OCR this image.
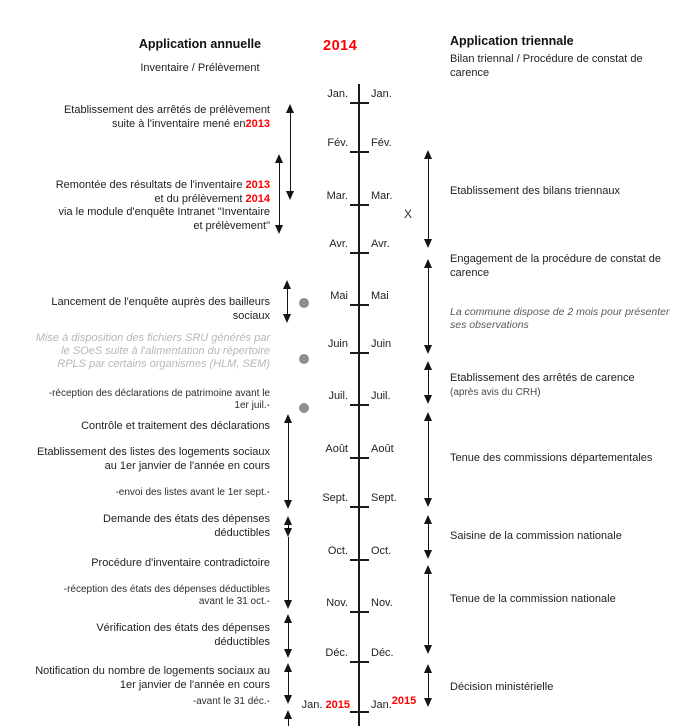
Application annuelle
Inventaire / Prélèvement
2014	Application triennale
Bilan triennal / Procédure de constat de carence
Jan. Jan.
Fév. Fév.
Mar. Mar.
Avr. Avr.
Mai Mai
Juin Juin
Juil. Juil.
Août Août
Sept. Sept.
Oct. Oct.
Nov. Nov.
Déc. Déc.
Jan. 2015 Jan.2015
X
Etablissement des arrêtés de prélèvement
suite à l'inventaire mené en2013
Remontée des résultats de l'inventaire 2013
et du prélèvement 2014
via le module d'enquête Intranet "Inventaire
et prélèvement"
Lancement de l'enquête auprès des bailleurs sociaux
Mise à disposition des fichiers SRU générés par le SOeS suite à l'alimentation du répertoire RPLS par certains organismes (HLM, SEM)
-réception des déclarations de patrimoine avant le 1er juil.-
Contrôle et traitement des déclarations
Etablissement des listes des logements sociaux au 1er janvier de l'année en cours
-envoi des listes avant le 1er sept.-
Demande des états des dépenses déductibles
Procédure d'inventaire contradictoire
-réception des états des dépenses déductibles avant le 31 oct.-
Vérification des états des dépenses déductibles
Notification du nombre de logements sociaux au 1er janvier de l'année en cours
-avant le 31 déc.-
Etablissement des bilans triennaux
Engagement de la procédure de constat de carence
La commune dispose de 2 mois pour présenter ses observations
Etablissement des arrêtés de carence
(après avis du CRH)
Tenue des commissions départementales
Saisine de la commission nationale
Tenue de la commission nationale
Décision ministérielle
